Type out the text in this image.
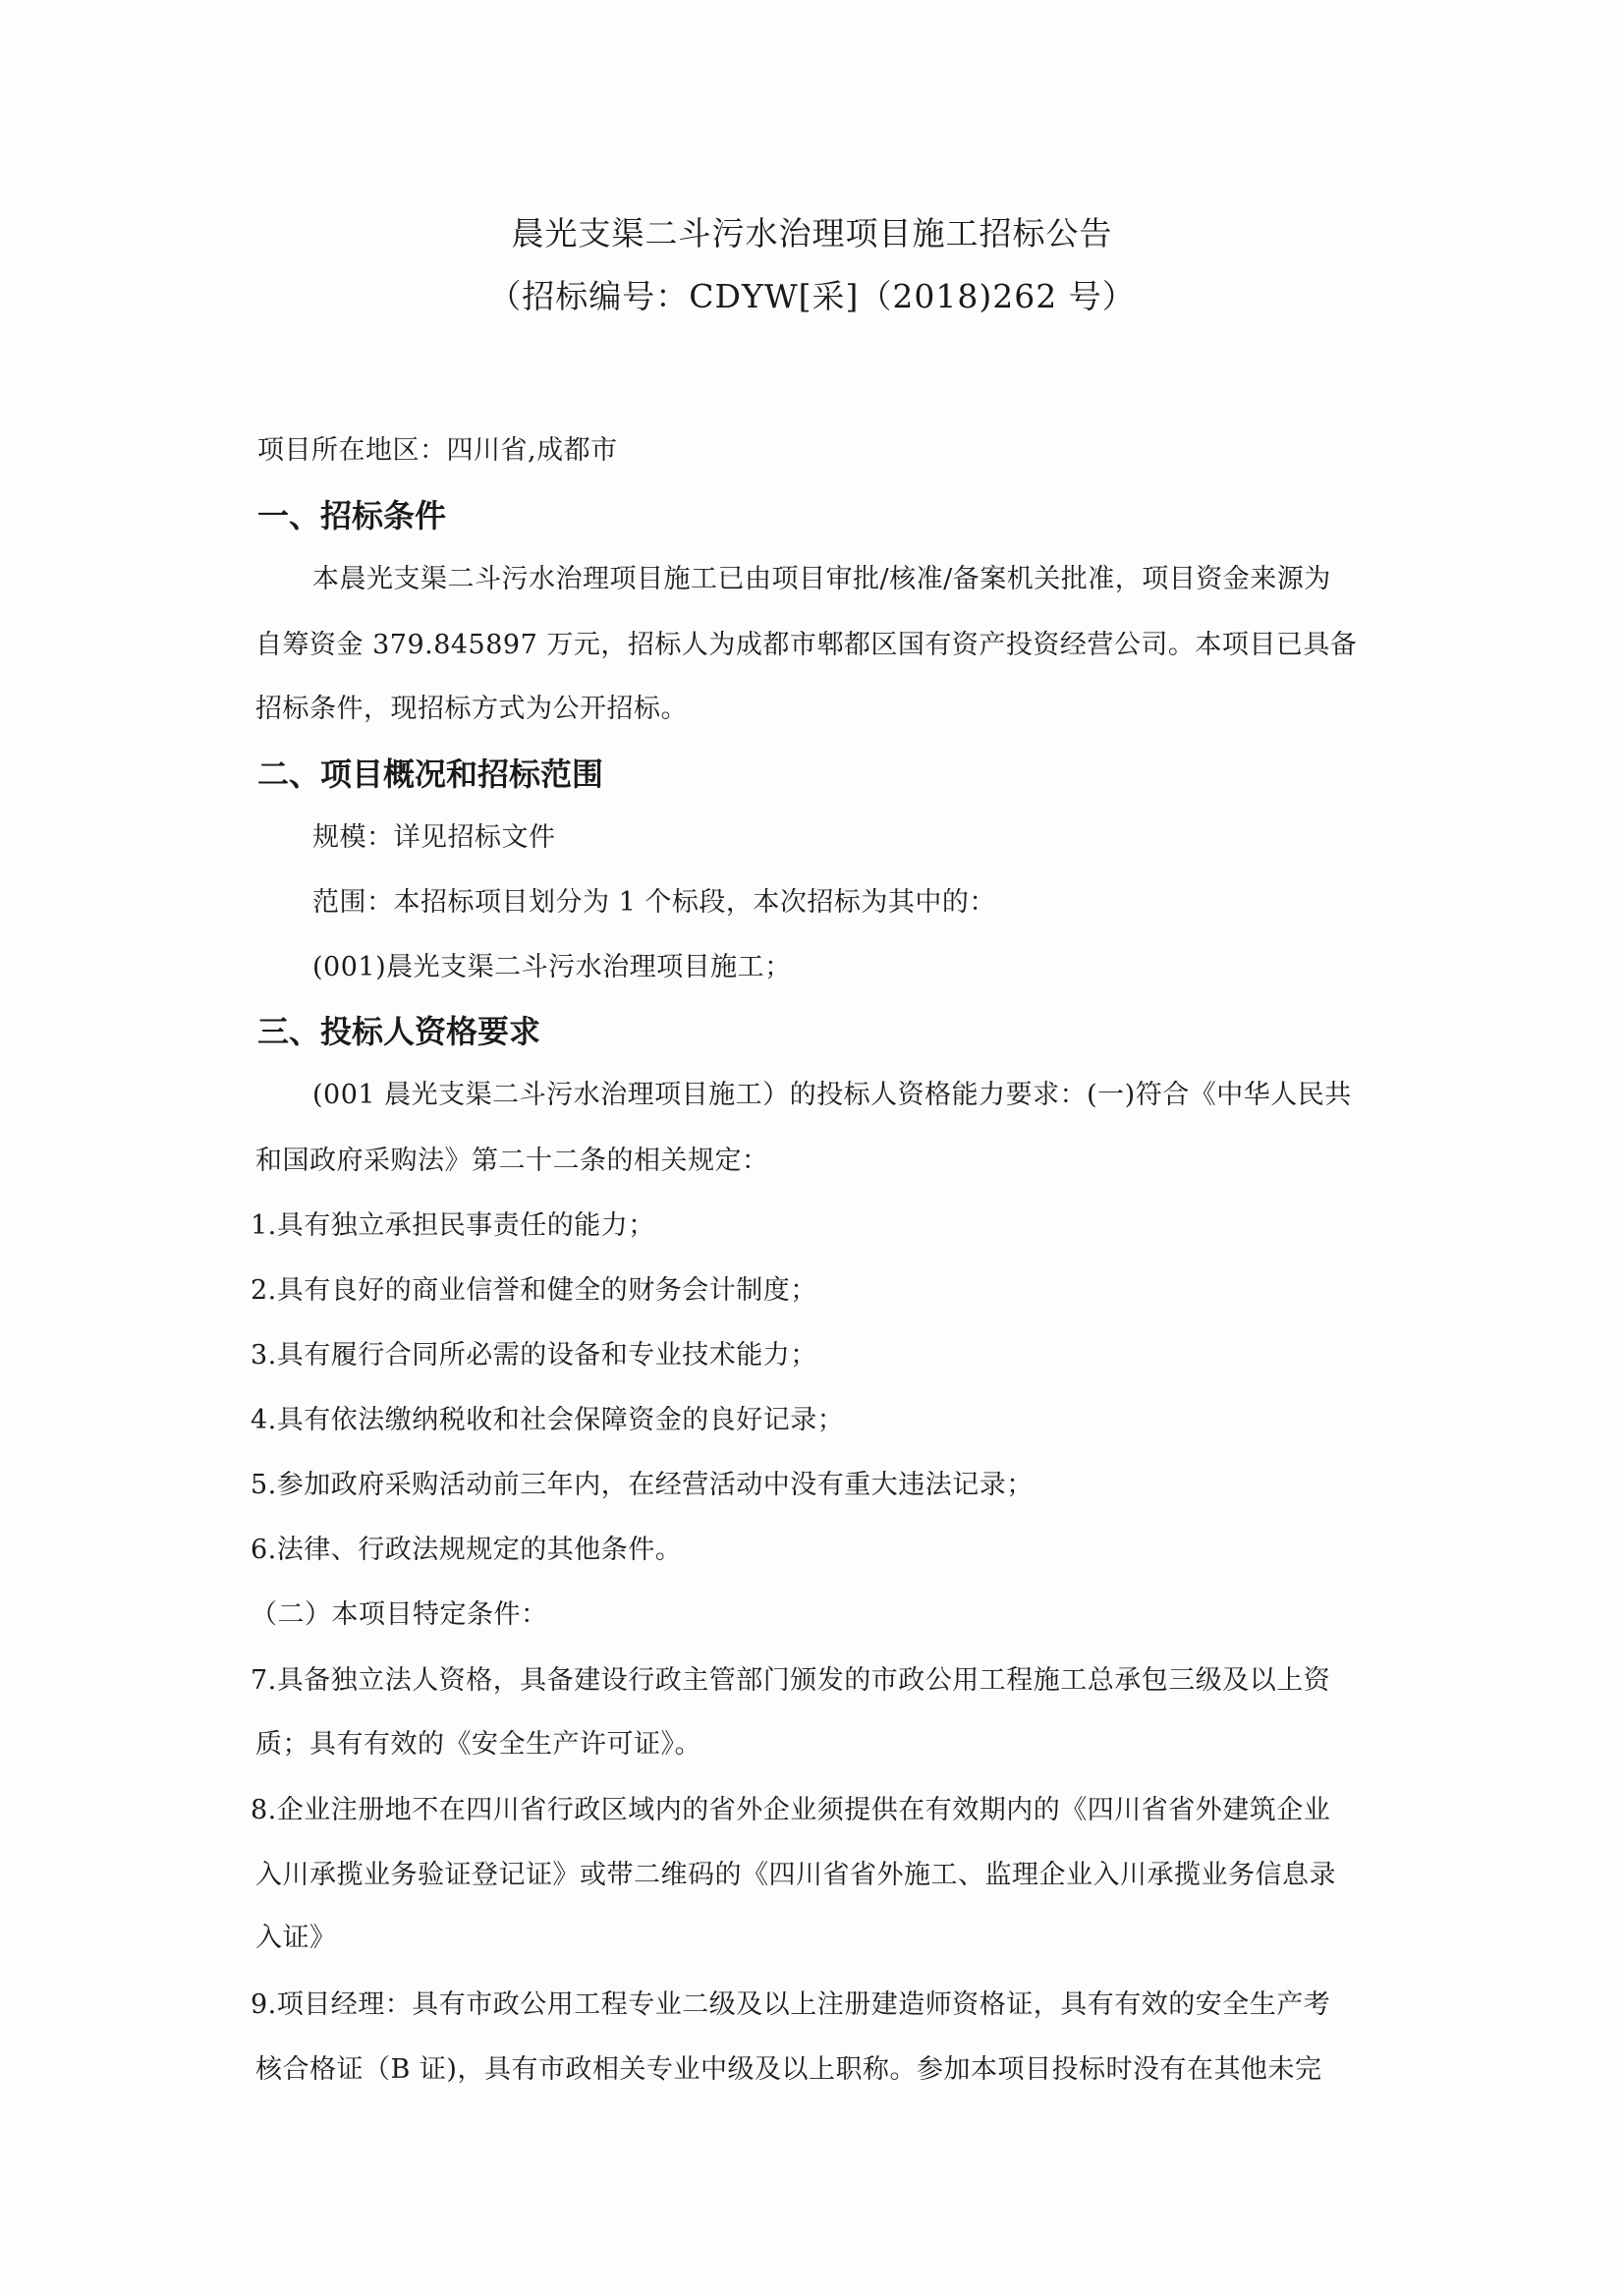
晨光支渠二斗污水治理项目施工招标公告
（招标编号：CDYW[采]（2018)262 号）
项目所在地区：四川省,成都市
一、招标条件
本晨光支渠二斗污水治理项目施工已由项目审批/核准/备案机关批准，项目资金来源为
自筹资金 379.845897 万元，招标人为成都市郫都区国有资产投资经营公司。本项目已具备
招标条件，现招标方式为公开招标。
二、项目概况和招标范围
规模：详见招标文件
范围：本招标项目划分为 1 个标段，本次招标为其中的：
(001)晨光支渠二斗污水治理项目施工；
三、投标人资格要求
(001 晨光支渠二斗污水治理项目施工）的投标人资格能力要求：(一)符合《中华人民共
和国政府采购法》第二十二条的相关规定：
1.具有独立承担民事责任的能力；
2.具有良好的商业信誉和健全的财务会计制度；
3.具有履行合同所必需的设备和专业技术能力；
4.具有依法缴纳税收和社会保障资金的良好记录；
5.参加政府采购活动前三年内，在经营活动中没有重大违法记录；
6.法律、行政法规规定的其他条件。
（二）本项目特定条件：
7.具备独立法人资格，具备建设行政主管部门颁发的市政公用工程施工总承包三级及以上资
质；具有有效的《安全生产许可证》。
8.企业注册地不在四川省行政区域内的省外企业须提供在有效期内的《四川省省外建筑企业
入川承揽业务验证登记证》或带二维码的《四川省省外施工、监理企业入川承揽业务信息录
入证》
9.项目经理：具有市政公用工程专业二级及以上注册建造师资格证，具有有效的安全生产考
核合格证（B 证)，具有市政相关专业中级及以上职称。参加本项目投标时没有在其他未完
